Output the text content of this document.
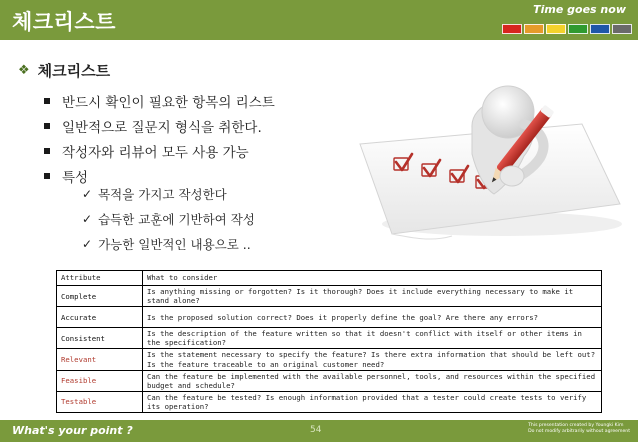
체크리스트
Time goes now
❖ 체크리스트
반드시 확인이 필요한 항목의 리스트
일반적으로 질문지 형식을 취한다.
작성자와 리뷰어 모두 사용 가능
특성
✓ 목적을 가지고 작성한다
✓ 습득한 교훈에 기반하여 작성
✓ 가능한 일반적인 내용으로 ..
Attribute	What to consider
Complete	Is anything missing or forgotten? Is it thorough? Does it include everything necessary to make it stand alone?
Accurate	Is the proposed solution correct? Does it properly define the goal? Are there any errors?
Consistent	Is the description of the feature written so that it doesn't conflict with itself or other items in the specification?
Relevant	Is the statement necessary to specify the feature? Is there extra information that should be left out? Is the feature traceable to an original customer need?
Feasible	Can the feature be implemented with the available personnel, tools, and resources within the specified budget and schedule?
Testable	Can the feature be tested? Is enough information provided that a tester could create tests to verify its operation?
What's your point ?	54	This presentation created by Youngki Kim
Do not modify arbitrarily without agreement
